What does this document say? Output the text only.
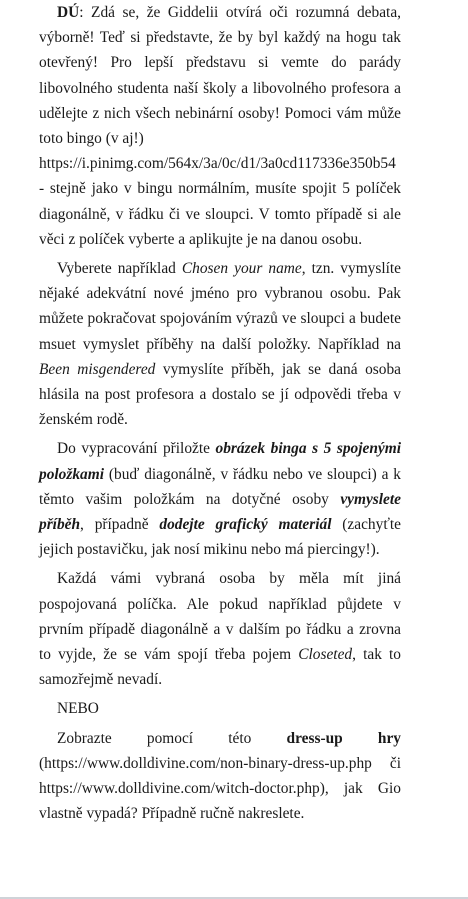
DÚ: Zdá se, že Giddelii otvírá oči rozumná debata, výborně! Teď si představte, že by byl každý na hogu tak otevřený! Pro lepší představu si vemte do parády libovolného studenta naší školy a libovolného profesora a udělejte z nich všech nebinární osoby! Pomoci vám může toto bingo (v aj!)
https://i.pinimg.com/564x/3a/0c/d1/3a0cd117336e350b54
- stejně jako v bingu normálním, musíte spojit 5 políček diagonálně, v řádku či ve sloupci. V tomto případě si ale věci z políček vyberte a aplikujte je na danou osobu.

Vyberete například Chosen your name, tzn. vymyslíte nějaké adekvátní nové jméno pro vybranou osobu. Pak můžete pokračovat spojováním výrazů ve sloupci a budete msuet vymyslet příběhy na další položky. Například na Been misgendered vymyslíte příběh, jak se daná osoba hlásila na post profesora a dostalo se jí odpovědi třeba v ženském rodě.

Do vypracování přiložte obrázek binga s 5 spojenými položkami (buď diagonálně, v řádku nebo ve sloupci) a k těmto vašim položkám na dotyčné osoby vymyslete příběh, případně dodejte grafický materiál (zachyťte jejich postavičku, jak nosí mikinu nebo má piercingy!).

Každá vámi vybraná osoba by měla mít jiná pospojovaná políčka. Ale pokud například půjdete v prvním případě diagonálně a v dalším po řádku a zrovna to vyjde, že se vám spojí třeba pojem Closeted, tak to samozřejmě nevadí.

NEBO

Zobrazte pomocí této dress-up hry (https://www.dolldivine.com/non-binary-dress-up.php či https://www.dolldivine.com/witch-doctor.php), jak Gio vlastně vypadá? Případně ručně nakreslete.
